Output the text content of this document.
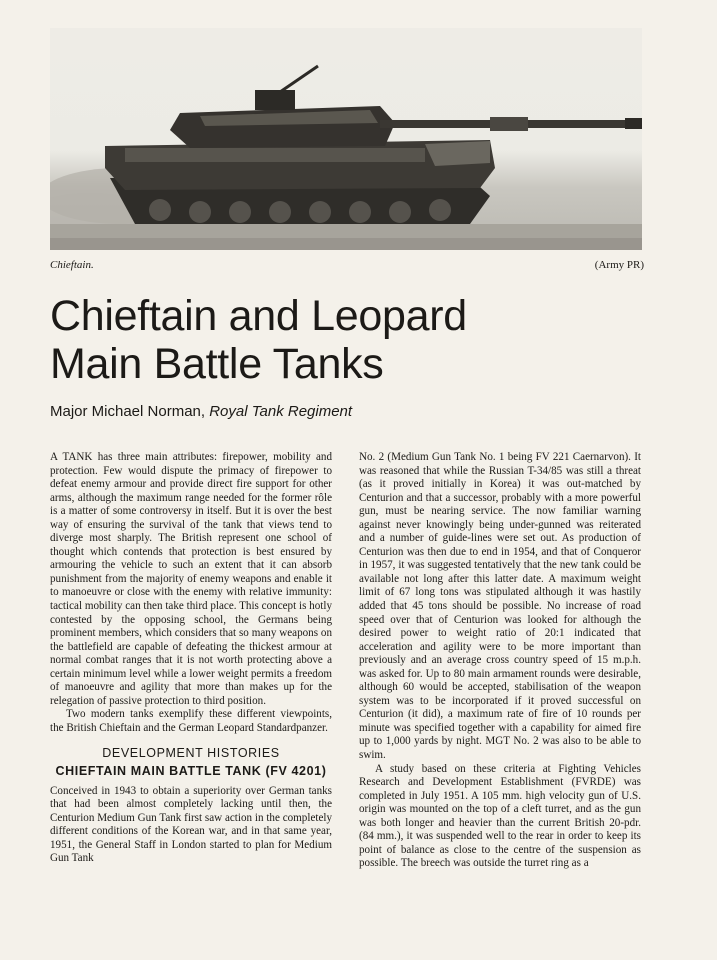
Chieftain.	(Army PR)
Chieftain and Leopard
Main Battle Tanks
Major Michael Norman, Royal Tank Regiment

A TANK has three main attributes: firepower, mobility and protection. Few would dispute the primacy of firepower to defeat enemy armour and provide direct fire support for other arms, although the maximum range needed for the former rôle is a matter of some controversy in itself. But it is over the best way of ensuring the survival of the tank that views tend to diverge most sharply. The British represent one school of thought which contends that protection is best ensured by armouring the vehicle to such an extent that it can absorb punishment from the majority of enemy weapons and enable it to manoeuvre or close with the enemy with relative immunity: tactical mobility can then take third place. This concept is hotly contested by the opposing school, the Germans being prominent members, which considers that so many weapons on the battlefield are capable of defeating the thickest armour at normal combat ranges that it is not worth protecting above a certain minimum level while a lower weight permits a freedom of manoeuvre and agility that more than makes up for the relegation of passive protection to third position.

Two modern tanks exemplify these different viewpoints, the British Chieftain and the German Leopard Standardpanzer.

DEVELOPMENT HISTORIES
CHIEFTAIN MAIN BATTLE TANK (FV 4201)

Conceived in 1943 to obtain a superiority over German tanks that had been almost completely lacking until then, the Centurion Medium Gun Tank first saw action in the completely different conditions of the Korean war, and in that same year, 1951, the General Staff in London started to plan for Medium Gun Tank

No. 2 (Medium Gun Tank No. 1 being FV 221 Caernarvon). It was reasoned that while the Russian T-34/85 was still a threat (as it proved initially in Korea) it was out-matched by Centurion and that a successor, probably with a more powerful gun, must be nearing service. The now familiar warning against never knowingly being under-gunned was reiterated and a number of guide-lines were set out. As production of Centurion was then due to end in 1954, and that of Conqueror in 1957, it was suggested tentatively that the new tank could be available not long after this latter date. A maximum weight limit of 67 long tons was stipulated although it was hastily added that 45 tons should be possible. No increase of road speed over that of Centurion was looked for although the desired power to weight ratio of 20:1 indicated that acceleration and agility were to be more important than previously and an average cross country speed of 15 m.p.h. was asked for. Up to 80 main armament rounds were desirable, although 60 would be accepted, stabilisation of the weapon system was to be incorporated if it proved successful on Centurion (it did), a maximum rate of fire of 10 rounds per minute was specified together with a capability for aimed fire up to 1,000 yards by night. MGT No. 2 was also to be able to swim.

A study based on these criteria at Fighting Vehicles Research and Development Establishment (FVRDE) was completed in July 1951. A 105 mm. high velocity gun of U.S. origin was mounted on the top of a cleft turret, and as the gun was both longer and heavier than the current British 20-pdr. (84 mm.), it was suspended well to the rear in order to keep its point of balance as close to the centre of the suspension as possible. The breech was outside the turret ring as a
